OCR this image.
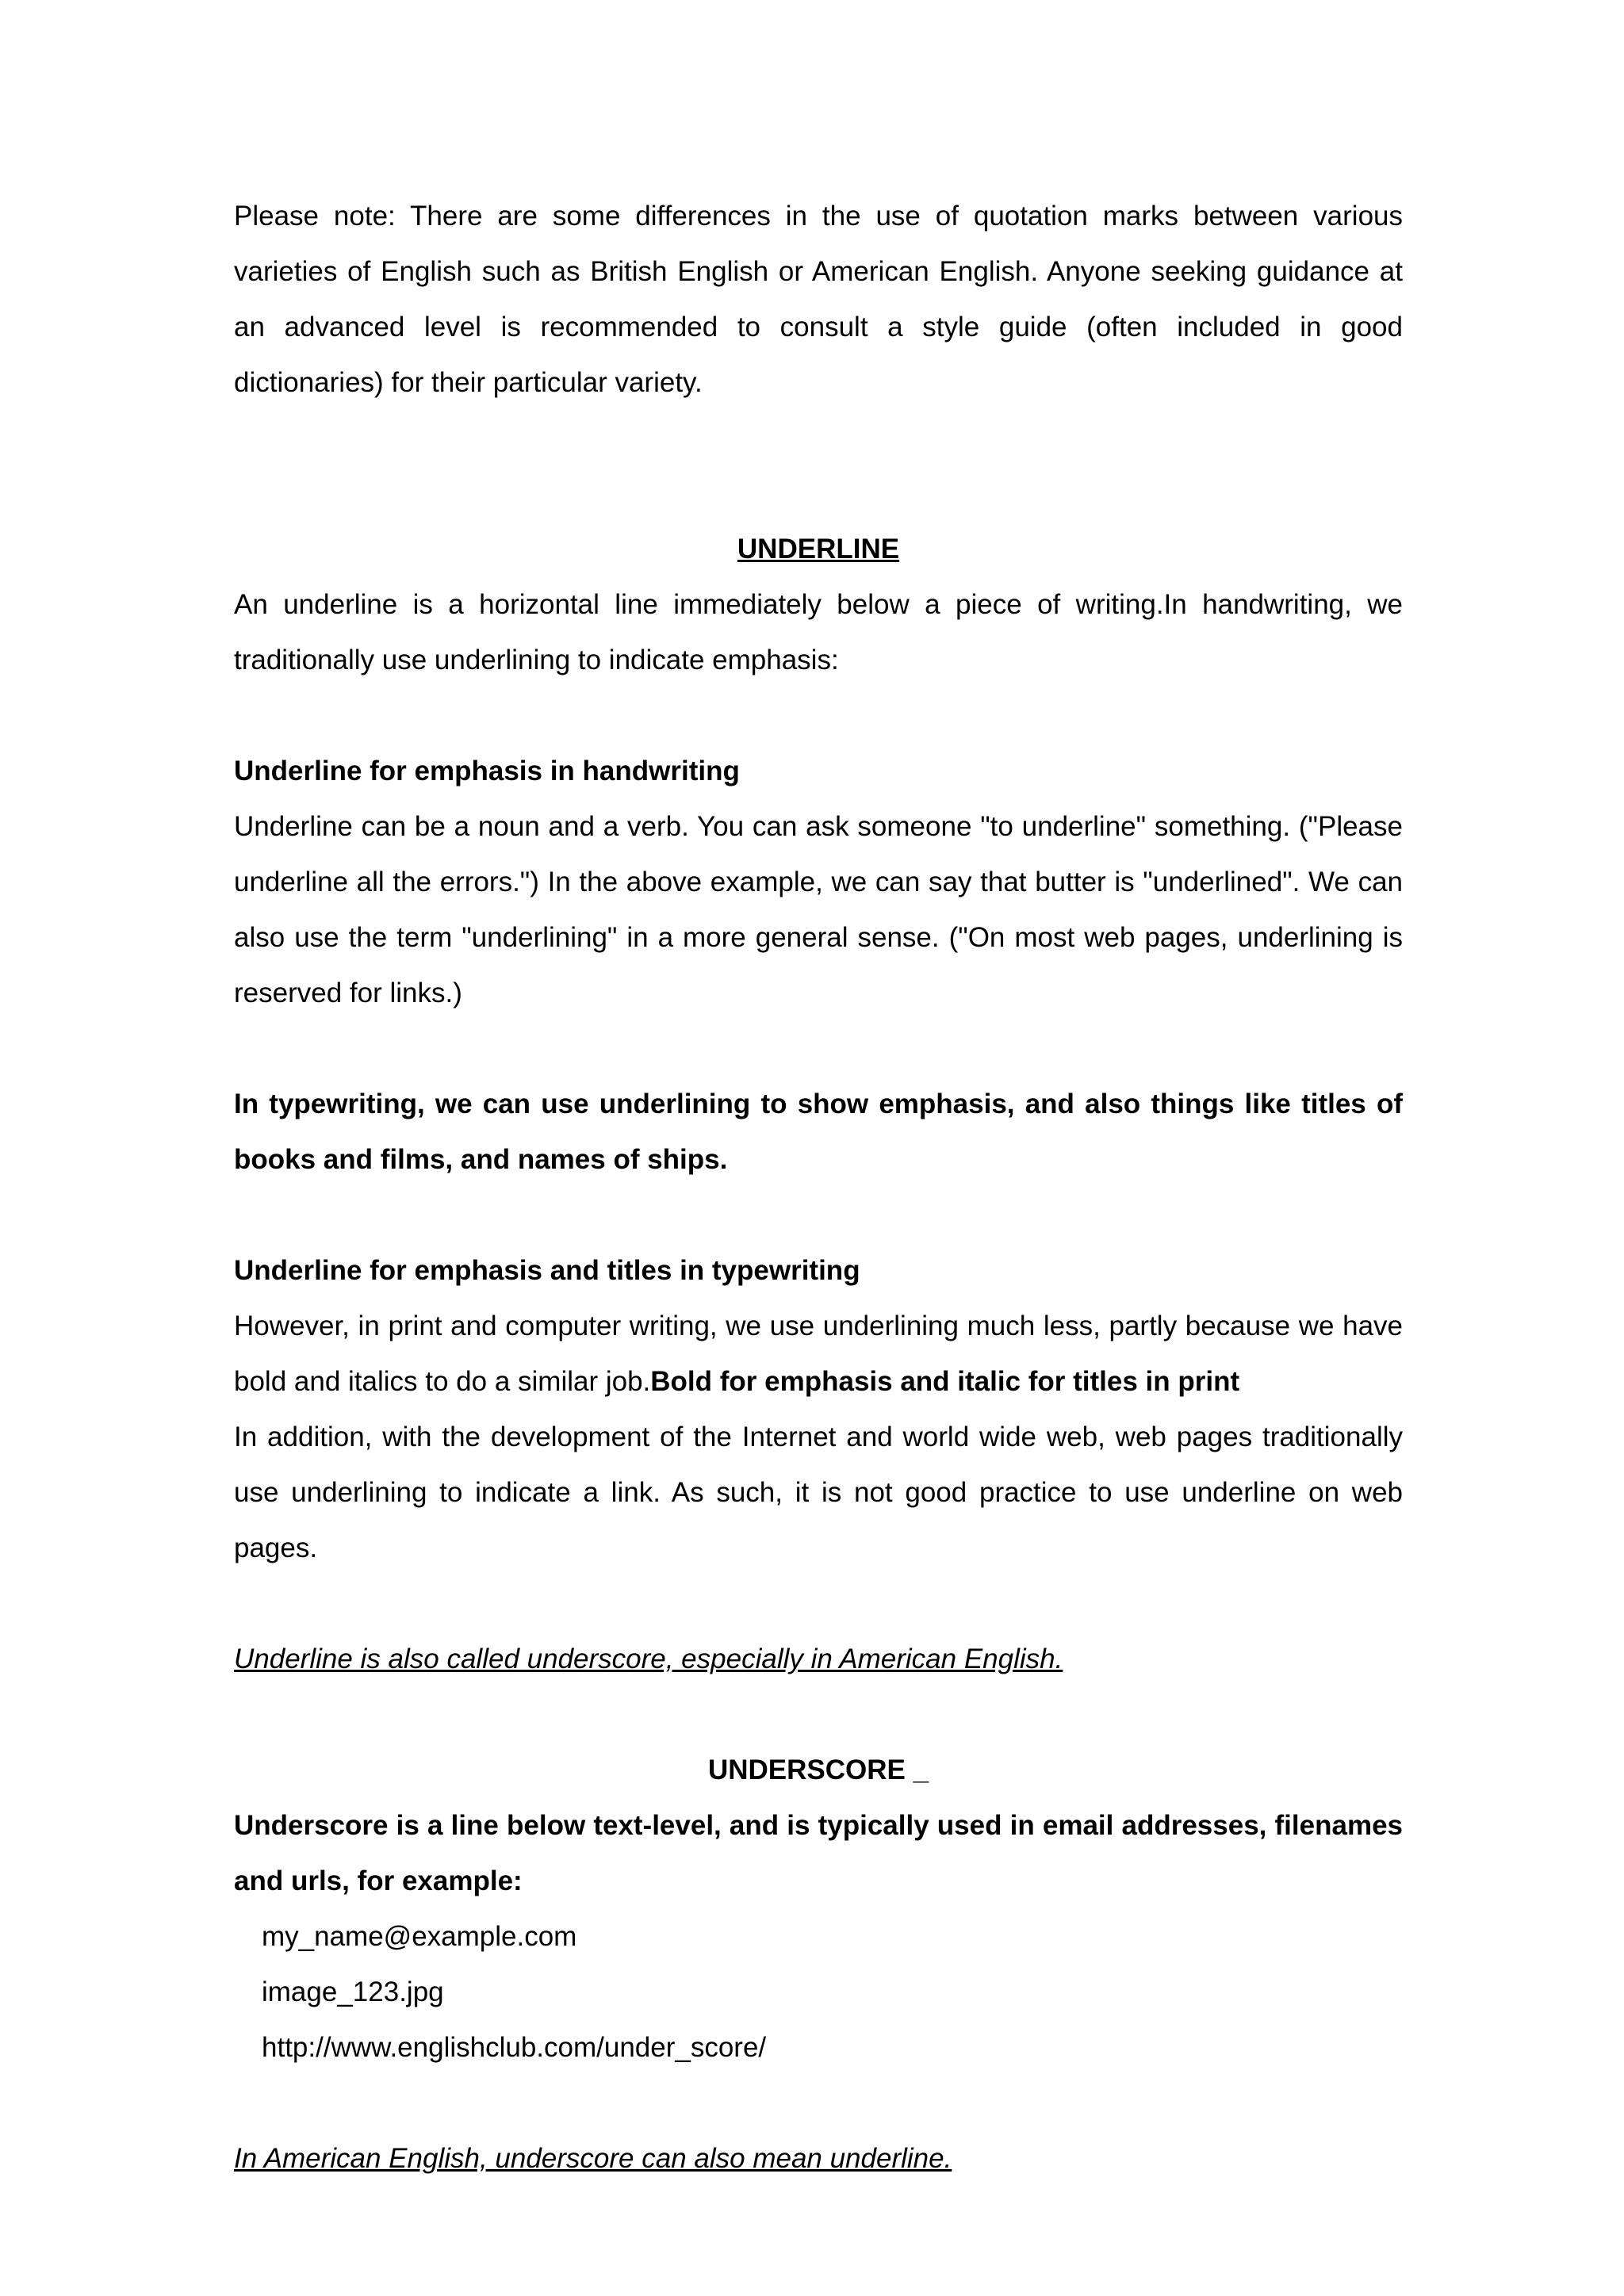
Please note: There are some differences in the use of quotation marks between various varieties of English such as British English or American English. Anyone seeking guidance at an advanced level is recommended to consult a style guide (often included in good dictionaries) for their particular variety.

UNDERLINE

An underline is a horizontal line immediately below a piece of writing.In handwriting, we traditionally use underlining to indicate emphasis:

Underline for emphasis in handwriting

Underline can be a noun and a verb. You can ask someone "to underline" something. ("Please underline all the errors.") In the above example, we can say that butter is "underlined". We can also use the term "underlining" in a more general sense. ("On most web pages, underlining is reserved for links.)

In typewriting, we can use underlining to show emphasis, and also things like titles of books and films, and names of ships.

Underline for emphasis and titles in typewriting

However, in print and computer writing, we use underlining much less, partly because we have bold and italics to do a similar job.Bold for emphasis and italic for titles in print

In addition, with the development of the Internet and world wide web, web pages traditionally use underlining to indicate a link. As such, it is not good practice to use underline on web pages.

Underline is also called underscore, especially in American English.

UNDERSCORE _

Underscore is a line below text-level, and is typically used in email addresses, filenames and urls, for example:

my_name@example.com

image_123.jpg

http://www.englishclub.com/under_score/

In American English, underscore can also mean underline.
